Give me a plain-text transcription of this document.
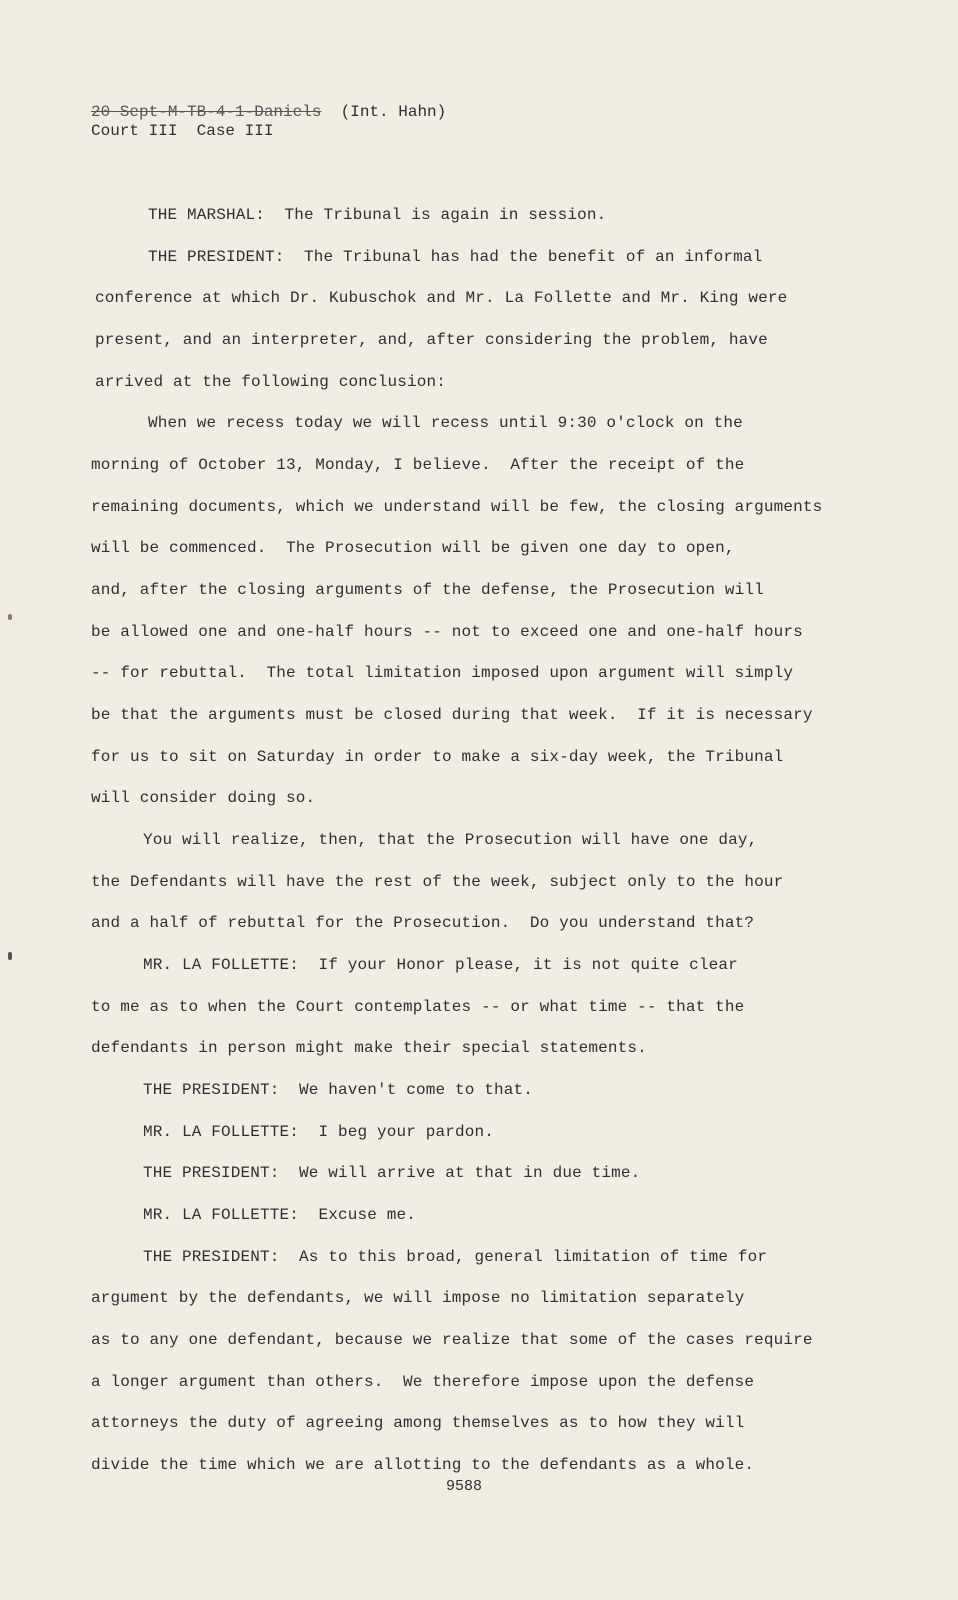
20 Sept-M-TB-4-1-Daniels (Int. Hahn)
Court III  Case III
THE MARSHAL:  The Tribunal is again in session.
THE PRESIDENT:  The Tribunal has had the benefit of an informal
conference at which Dr. Kubuschok and Mr. La Follette and Mr. King were
present, and an interpreter, and, after considering the problem, have
arrived at the following conclusion:
When we recess today we will recess until 9:30 o'clock on the
morning of October 13, Monday, I believe.  After the receipt of the
remaining documents, which we understand will be few, the closing arguments
will be commenced.  The Prosecution will be given one day to open,
and, after the closing arguments of the defense, the Prosecution will
be allowed one and one-half hours -- not to exceed one and one-half hours
-- for rebuttal.  The total limitation imposed upon argument will simply
be that the arguments must be closed during that week.  If it is necessary
for us to sit on Saturday in order to make a six-day week, the Tribunal
will consider doing so.
You will realize, then, that the Prosecution will have one day,
the Defendants will have the rest of the week, subject only to the hour
and a half of rebuttal for the Prosecution.  Do you understand that?
MR. LA FOLLETTE:  If your Honor please, it is not quite clear
to me as to when the Court contemplates -- or what time -- that the
defendants in person might make their special statements.
THE PRESIDENT:  We haven't come to that.
MR. LA FOLLETTE:  I beg your pardon.
THE PRESIDENT:  We will arrive at that in due time.
MR. LA FOLLETTE:  Excuse me.
THE PRESIDENT:  As to this broad, general limitation of time for
argument by the defendants, we will impose no limitation separately
as to any one defendant, because we realize that some of the cases require
a longer argument than others.  We therefore impose upon the defense
attorneys the duty of agreeing among themselves as to how they will
divide the time which we are allotting to the defendants as a whole.
9588
